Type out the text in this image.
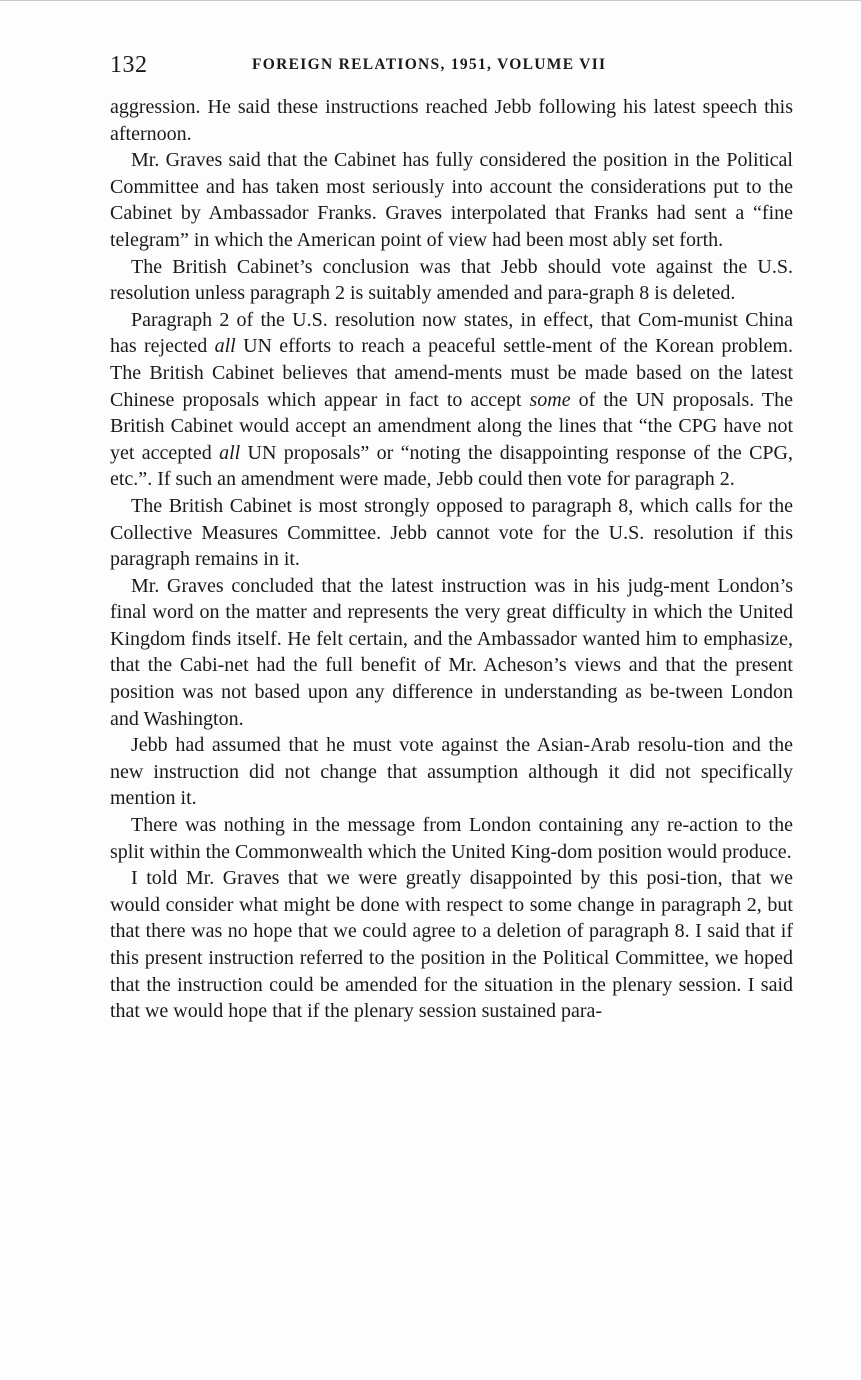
132	FOREIGN RELATIONS, 1951, VOLUME VII

aggression. He said these instructions reached Jebb following his latest speech this afternoon.

Mr. Graves said that the Cabinet has fully considered the position in the Political Committee and has taken most seriously into account the considerations put to the Cabinet by Ambassador Franks. Graves interpolated that Franks had sent a “fine telegram” in which the American point of view had been most ably set forth.

The British Cabinet’s conclusion was that Jebb should vote against the U.S. resolution unless paragraph 2 is suitably amended and para-graph 8 is deleted.

Paragraph 2 of the U.S. resolution now states, in effect, that Com-munist China has rejected all UN efforts to reach a peaceful settle-ment of the Korean problem. The British Cabinet believes that amend-ments must be made based on the latest Chinese proposals which appear in fact to accept some of the UN proposals. The British Cabinet would accept an amendment along the lines that “the CPG have not yet accepted all UN proposals” or “noting the disappointing response of the CPG, etc.”. If such an amendment were made, Jebb could then vote for paragraph 2.

The British Cabinet is most strongly opposed to paragraph 8, which calls for the Collective Measures Committee. Jebb cannot vote for the U.S. resolution if this paragraph remains in it.

Mr. Graves concluded that the latest instruction was in his judg-ment London’s final word on the matter and represents the very great difficulty in which the United Kingdom finds itself. He felt certain, and the Ambassador wanted him to emphasize, that the Cabi-net had the full benefit of Mr. Acheson’s views and that the present position was not based upon any difference in understanding as be-tween London and Washington.

Jebb had assumed that he must vote against the Asian-Arab resolu-tion and the new instruction did not change that assumption although it did not specifically mention it.

There was nothing in the message from London containing any re-action to the split within the Commonwealth which the United King-dom position would produce.

I told Mr. Graves that we were greatly disappointed by this posi-tion, that we would consider what might be done with respect to some change in paragraph 2, but that there was no hope that we could agree to a deletion of paragraph 8. I said that if this present instruction referred to the position in the Political Committee, we hoped that the instruction could be amended for the situation in the plenary session. I said that we would hope that if the plenary session sustained para-
